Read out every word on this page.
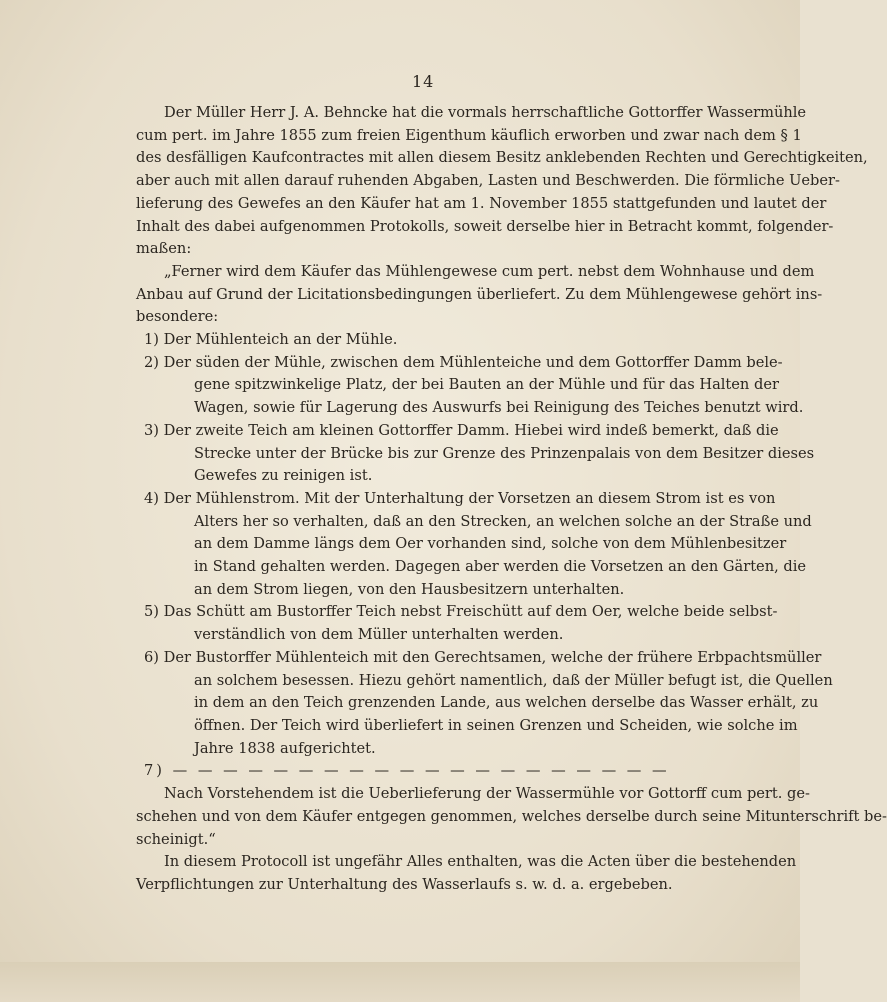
14
Der Müller Herr J. A. Behncke hat die vormals herrschaftliche Gottorffer Wassermühle
cum pert. im Jahre 1855 zum freien Eigenthum käuflich erworben und zwar nach dem § 1
des desfälligen Kaufcontractes mit allen diesem Besitz anklebenden Rechten und Gerechtigkeiten,
aber auch mit allen darauf ruhenden Abgaben, Lasten und Beschwerden. Die förmliche Ueber-
lieferung des Gewefes an den Käufer hat am 1. November 1855 stattgefunden und lautet der
Inhalt des dabei aufgenommen Protokolls, soweit derselbe hier in Betracht kommt, folgender-
maßen:
„Ferner wird dem Käufer das Mühlengewese cum pert. nebst dem Wohnhause und dem
Anbau auf Grund der Licitationsbedingungen überliefert. Zu dem Mühlengewese gehört ins-
besondere:
1) Der Mühlenteich an der Mühle.
2) Der süden der Mühle, zwischen dem Mühlenteiche und dem Gottorffer Damm bele-
gene spitzwinkelige Platz, der bei Bauten an der Mühle und für das Halten der
Wagen, sowie für Lagerung des Auswurfs bei Reinigung des Teiches benutzt wird.
3) Der zweite Teich am kleinen Gottorffer Damm. Hiebei wird indeß bemerkt, daß die
Strecke unter der Brücke bis zur Grenze des Prinzenpalais von dem Besitzer dieses
Gewefes zu reinigen ist.
4) Der Mühlenstrom. Mit der Unterhaltung der Vorsetzen an diesem Strom ist es von
Alters her so verhalten, daß an den Strecken, an welchen solche an der Straße und
an dem Damme längs dem Oer vorhanden sind, solche von dem Mühlenbesitzer
in Stand gehalten werden. Dagegen aber werden die Vorsetzen an den Gärten, die
an dem Strom liegen, von den Hausbesitzern unterhalten.
5) Das Schütt am Bustorffer Teich nebst Freischütt auf dem Oer, welche beide selbst-
verständlich von dem Müller unterhalten werden.
6) Der Bustorffer Mühlenteich mit den Gerechtsamen, welche der frühere Erbpachtsmüller
an solchem besessen. Hiezu gehört namentlich, daß der Müller befugt ist, die Quellen
in dem an den Teich grenzenden Lande, aus welchen derselbe das Wasser erhält, zu
öffnen. Der Teich wird überliefert in seinen Grenzen und Scheiden, wie solche im
Jahre 1838 aufgerichtet.
7) — — — — — — — — — — — — — — — — — — — —
Nach Vorstehendem ist die Ueberlieferung der Wassermühle vor Gottorff cum pert. ge-
schehen und von dem Käufer entgegen genommen, welches derselbe durch seine Mitunterschrift be-
scheinigt.“
In diesem Protocoll ist ungefähr Alles enthalten, was die Acten über die bestehenden
Verpflichtungen zur Unterhaltung des Wasserlaufs s. w. d. a. ergebeben.
